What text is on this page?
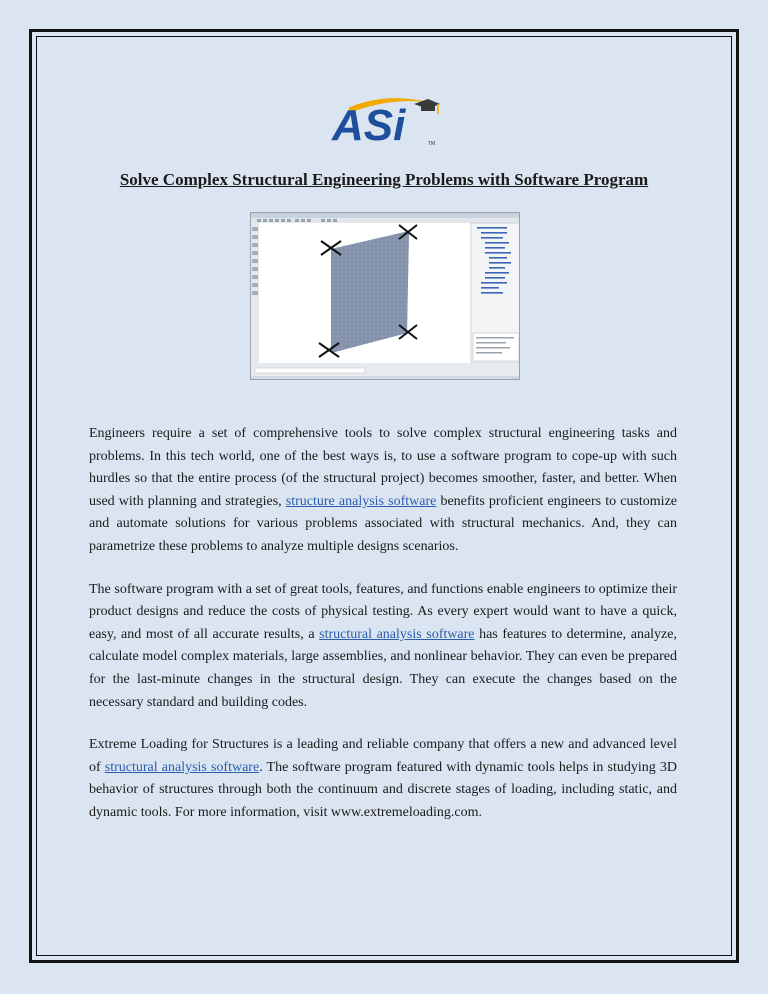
ASi	TM
Solve Complex Structural Engineering Problems with Software Program

Engineers require a set of comprehensive tools to solve complex structural engineering tasks and problems. In this tech world, one of the best ways is, to use a software program to cope-up with such hurdles so that the entire process (of the structural project) becomes smoother, faster, and better. When used with planning and strategies, structure analysis software benefits proficient engineers to customize and automate solutions for various problems associated with structural mechanics. And, they can parametrize these problems to analyze multiple designs scenarios.

The software program with a set of great tools, features, and functions enable engineers to optimize their product designs and reduce the costs of physical testing. As every expert would want to have a quick, easy, and most of all accurate results, a structural analysis software has features to determine, analyze, calculate model complex materials, large assemblies, and nonlinear behavior. They can even be prepared for the last-minute changes in the structural design. They can execute the changes based on the necessary standard and building codes.

Extreme Loading for Structures is a leading and reliable company that offers a new and advanced level of structural analysis software. The software program featured with dynamic tools helps in studying 3D behavior of structures through both the continuum and discrete stages of loading, including static, and dynamic tools. For more information, visit www.extremeloading.com.
